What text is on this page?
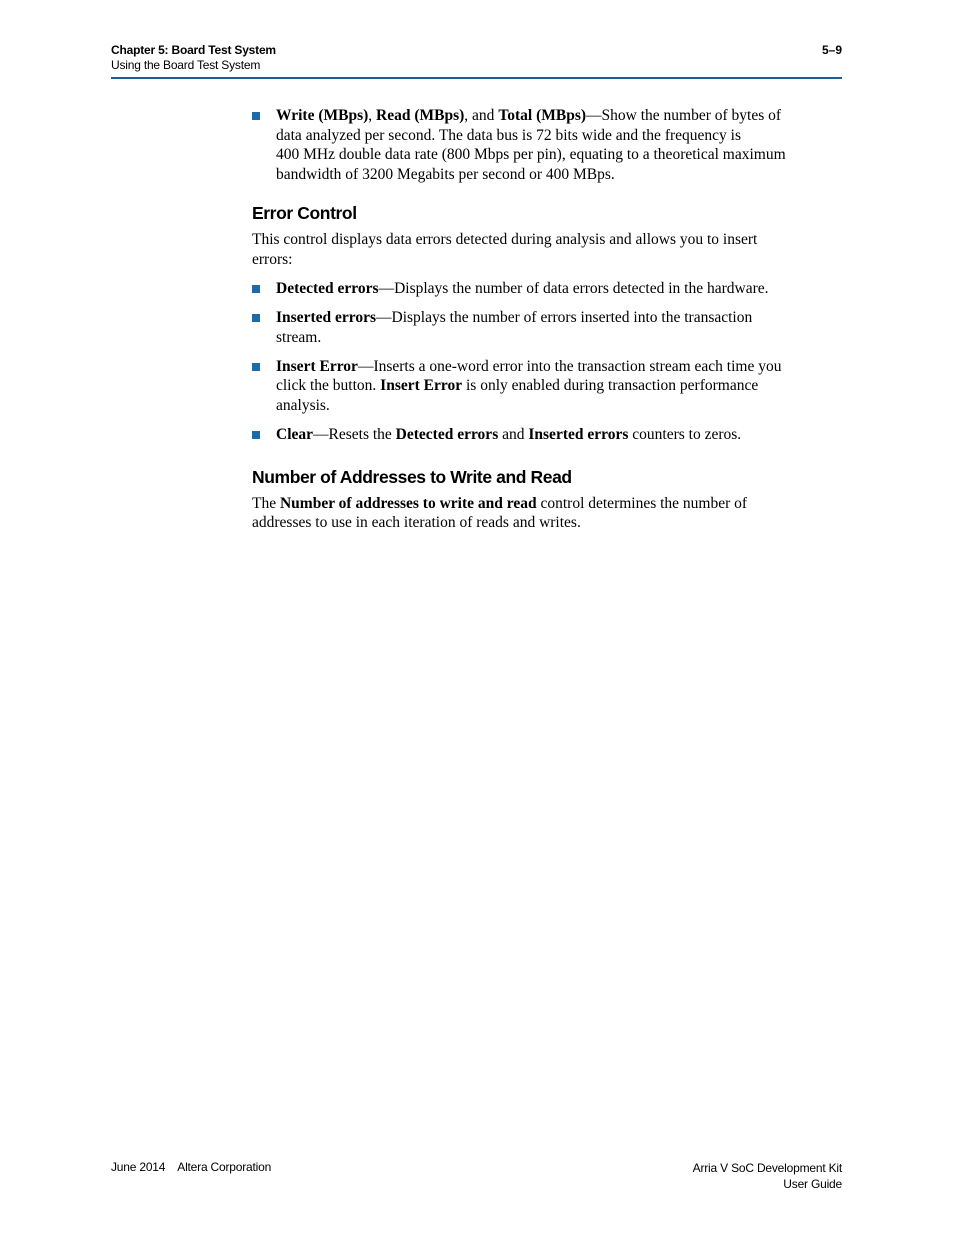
Chapter 5: Board Test System
Using the Board Test System
5–9
Write (MBps), Read (MBps), and Total (MBps)—Show the number of bytes of
data analyzed per second. The data bus is 72 bits wide and the frequency is
400 MHz double data rate (800 Mbps per pin), equating to a theoretical maximum
bandwidth of 3200 Megabits per second or 400 MBps.
Error Control

This control displays data errors detected during analysis and allows you to insert
errors:

Detected errors—Displays the number of data errors detected in the hardware.
Inserted errors—Displays the number of errors inserted into the transaction
stream.
Insert Error—Inserts a one-word error into the transaction stream each time you
click the button. Insert Error is only enabled during transaction performance
analysis.
Clear—Resets the Detected errors and Inserted errors counters to zeros.
Number of Addresses to Write and Read

The Number of addresses to write and read control determines the number of
addresses to use in each iteration of reads and writes.

June 2014 Altera Corporation	Arria V SoC Development Kit
User Guide
